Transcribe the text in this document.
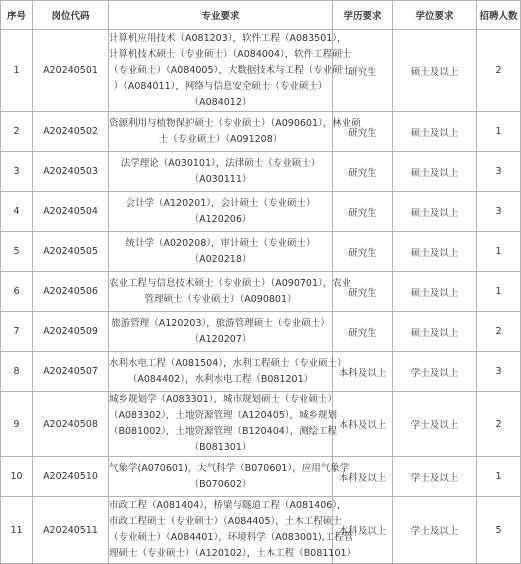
序号	岗位代码	专业要求	学历要求	学位要求	招聘人数
1	A20240501	计算机应用技术（A081203），软件工程（A083501），
计算机技术硕士（专业硕士）（A084004），软件工程硕士
（专业硕士）（A084005），大数据技术与工程（专业硕士
）（A084011），网络与信息安全硕士（专业硕士）
（A084012）	研究生	硕士及以上	2
2	A20240502	资源利用与植物保护硕士（专业硕士）（A090601），林业硕
士（专业硕士）（A091208）	研究生	硕士及以上	1
3	A20240503	法学理论（A030101），法律硕士（专业硕士）
（A030111）	研究生	硕士及以上	3
4	A20240504	会计学（A120201），会计硕士（专业硕士）
（A120206）	研究生	硕士及以上	3
5	A20240505	统计学（A020208），审计硕士（专业硕士）
（A020218）	研究生	硕士及以上	1
6	A20240506	农业工程与信息技术硕士（专业硕士）（A090701），农业
管理硕士（专业硕士）（A090801）	研究生	硕士及以上	1
7	A20240509	旅游管理（A120203），旅游管理硕士（专业硕士）
（A120207）	研究生	硕士及以上	2
8	A20240507	水利水电工程（A081504），水利工程硕士（专业硕士）
（A084402），水利水电工程（B081201）	本科及以上	学士及以上	3
9	A20240508	城乡规划学（A083301），城市规划硕士（专业硕士）
（A083302），土地资源管理（A120405），城乡规划
（B081002），土地资源管理（B120404），测绘工程
（B081301）	本科及以上	学士及以上	2
10	A20240510	气象学(A070601)，大气科学（B070601），应用气象学
（B070602）	本科及以上	学士及以上	1
11	A20240511	市政工程（A081404），桥梁与隧道工程（A081406），
市政工程硕士（专业硕士）（A084405），土木工程硕士
（专业硕士）（A084401），环境科学（A083001),工程管
理硕士（专业硕士）（A120102），土木工程（B081101）	本科及以上	学士及以上	5
